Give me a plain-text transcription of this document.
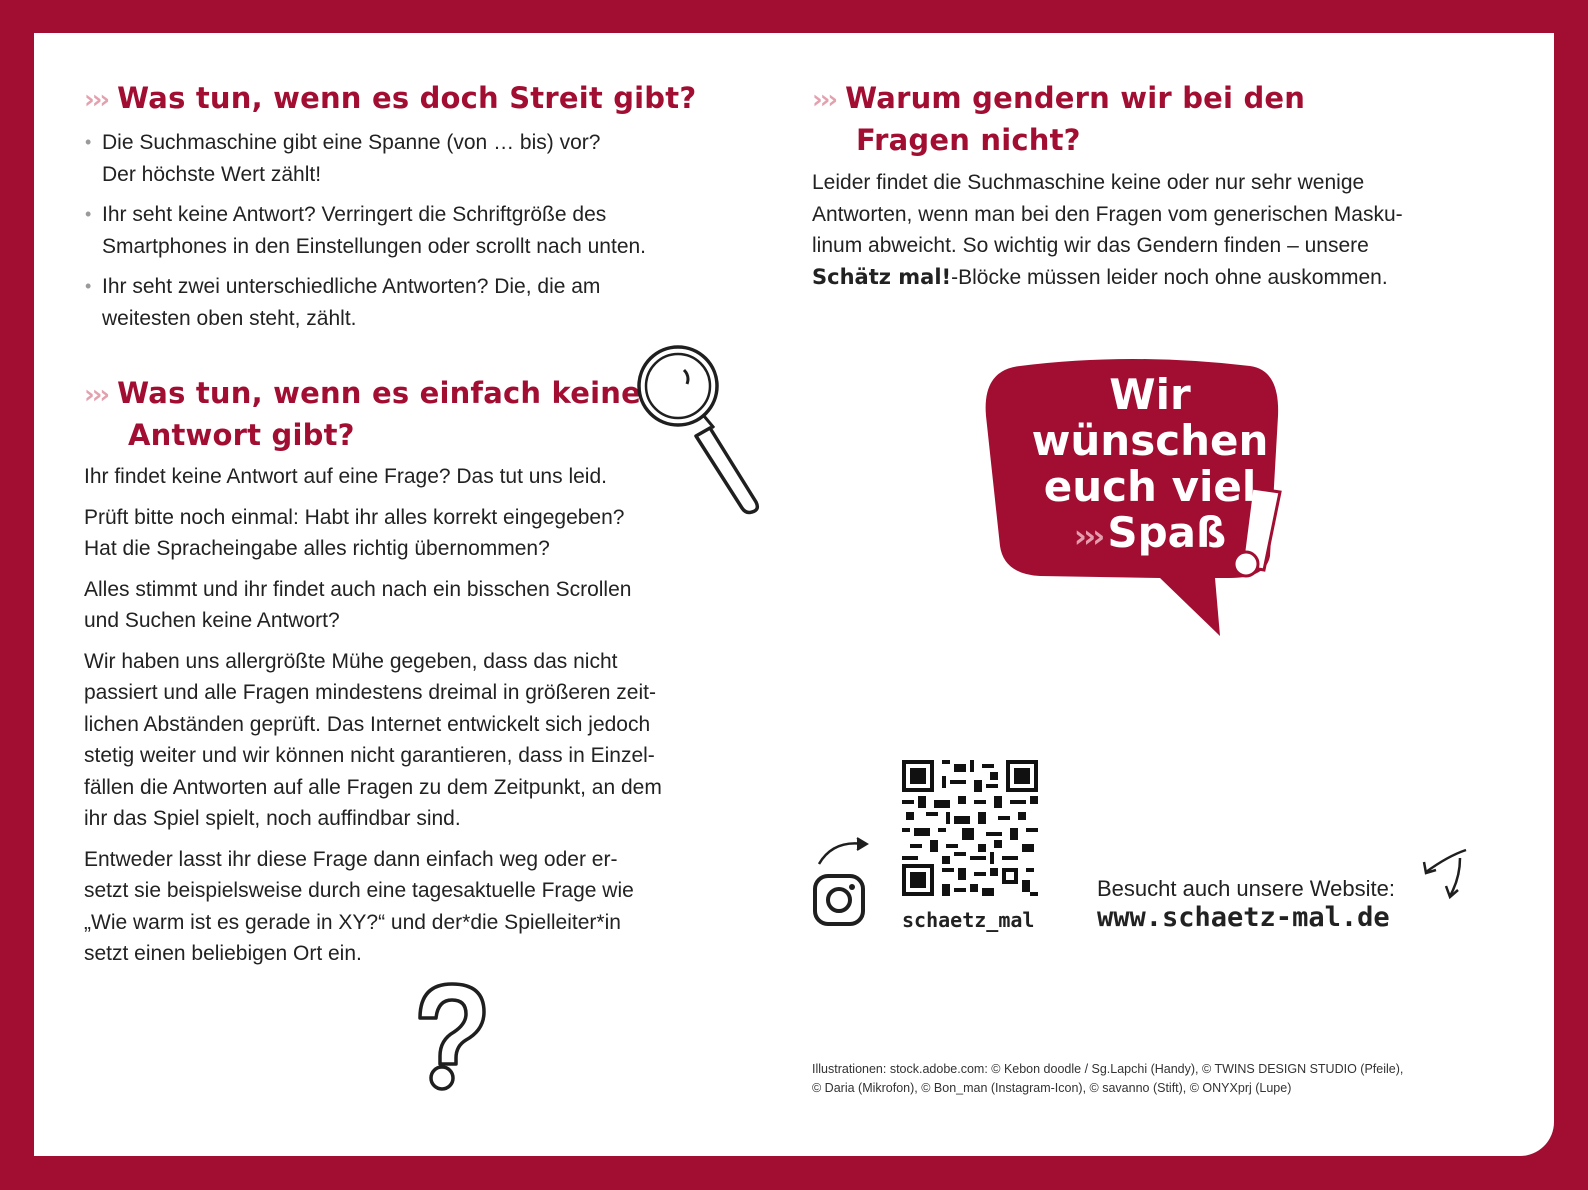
››› Was tun, wenn es doch Streit gibt?
• Die Suchmaschine gibt eine Spanne (von … bis) vor?
Der höchste Wert zählt!
• Ihr seht keine Antwort? Verringert die Schriftgröße des
Smartphones in den Einstellungen oder scrollt nach unten.
• Ihr seht zwei unterschiedliche Antworten? Die, die am
weitesten oben steht, zählt.
››› Was tun, wenn es einfach keine
Antwort gibt?

Ihr findet keine Antwort auf eine Frage? Das tut uns leid.

Prüft bitte noch einmal: Habt ihr alles korrekt eingegeben?
Hat die Spracheingabe alles richtig übernommen?

Alles stimmt und ihr findet auch nach ein bisschen Scrollen
und Suchen keine Antwort?

Wir haben uns allergrößte Mühe gegeben, dass das nicht
passiert und alle Fragen mindestens dreimal in größeren zeit-
lichen Abständen geprüft. Das Internet entwickelt sich jedoch
stetig weiter und wir können nicht garantieren, dass in Einzel-
fällen die Antworten auf alle Fragen zu dem Zeitpunkt, an dem
ihr das Spiel spielt, noch auffindbar sind.

Entweder lasst ihr diese Frage dann einfach weg oder er-
setzt sie beispielsweise durch eine tagesaktuelle Frage wie
„Wie warm ist es gerade in XY?“ und der*die Spielleiter*in
setzt einen beliebigen Ort ein.

››› Warum gendern wir bei den
Fragen nicht?
Leider findet die Suchmaschine keine oder nur sehr wenige
Antworten, wenn man bei den Fragen vom generischen Masku-
linum abweicht. So wichtig wir das Gendern finden – unsere
Schätz mal!-Blöcke müssen leider noch ohne auskommen.
Wir
wünschen
euch viel
››› Spaß
schaetz_mal
Besucht auch unsere Website:
www.schaetz-mal.de
Illustrationen: stock.adobe.com: © Kebon doodle / Sg.Lapchi (Handy), © TWINS DESIGN STUDIO (Pfeile),
© Daria (Mikrofon), © Bon_man (Instagram-Icon), © savanno (Stift), © ONYXprj (Lupe)
